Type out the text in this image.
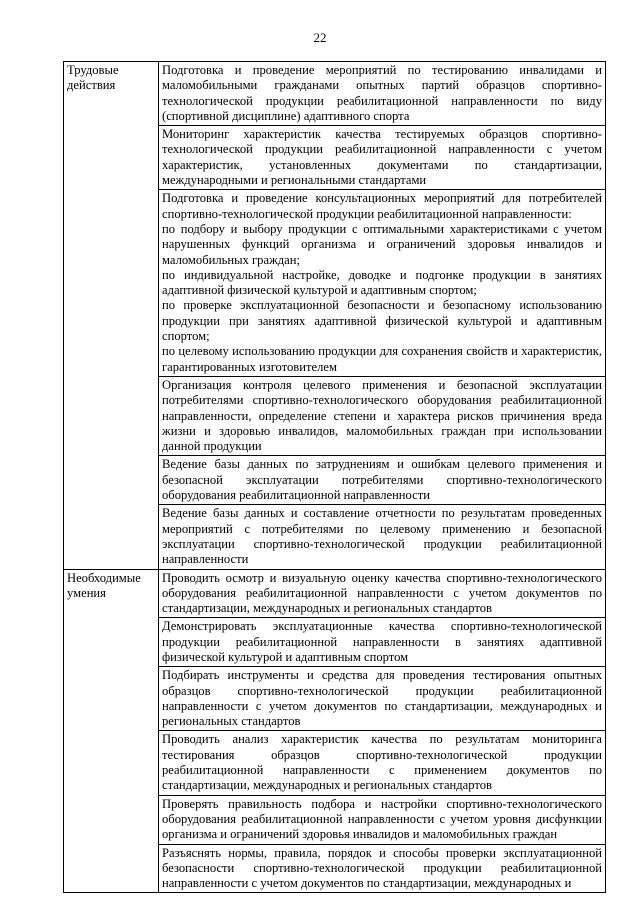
22
Трудовые действия	Подготовка и проведение мероприятий по тестированию инвалидами и маломобильными гражданами опытных партий образцов спортивно-технологической продукции реабилитационной направленности по виду (спортивной дисциплине) адаптивного спорта
	Мониторинг характеристик качества тестируемых образцов спортивно-технологической продукции реабилитационной направленности с учетом характеристик, установленных документами по стандартизации, международными и региональными стандартами

	Подготовка и проведение консультационных мероприятий для потребителей спортивно-технологической продукции реабилитационной направленности:
по подбору и выбору продукции с оптимальными характеристиками с учетом нарушенных функций организма и ограничений здоровья инвалидов и маломобильных граждан;
по индивидуальной настройке, доводке и подгонке продукции в занятиях адаптивной физической культурой и адаптивным спортом;
по проверке эксплуатационной безопасности и безопасному использованию продукции при занятиях адаптивной физической культурой и адаптивным спортом;
по целевому использованию продукции для сохранения свойств и характеристик, гарантированных изготовителем

	Организация контроля целевого применения и безопасной эксплуатации потребителями спортивно-технологического оборудования реабилитационной направленности, определение степени и характера рисков причинения вреда жизни и здоровью инвалидов, маломобильных граждан при использовании данной продукции
	Ведение базы данных по затруднениям и ошибкам целевого применения и безопасной эксплуатации потребителями спортивно-технологического оборудования реабилитационной направленности
	Ведение базы данных и составление отчетности по результатам проведенных мероприятий с потребителями по целевому применению и безопасной эксплуатации спортивно-технологической продукции реабилитационной направленности
Необходимые умения	Проводить осмотр и визуальную оценку качества спортивно-технологического оборудования реабилитационной направленности с учетом документов по стандартизации, международных и региональных стандартов
	Демонстрировать эксплуатационные качества спортивно-технологической продукции реабилитационной направленности в занятиях адаптивной физической культурой и адаптивным спортом
	Подбирать инструменты и средства для проведения тестирования опытных образцов спортивно-технологической продукции реабилитационной направленности с учетом документов по стандартизации, международных и региональных стандартов
	Проводить анализ характеристик качества по результатам мониторинга тестирования образцов спортивно-технологической продукции реабилитационной направленности с применением документов по стандартизации, международных и региональных стандартов
	Проверять правильность подбора и настройки спортивно-технологического оборудования реабилитационной направленности с учетом уровня дисфункции организма и ограничений здоровья инвалидов и маломобильных граждан
	Разъяснять нормы, правила, порядок и способы проверки эксплуатационной безопасности спортивно-технологической продукции реабилитационной направленности с учетом документов по стандартизации, международных и
